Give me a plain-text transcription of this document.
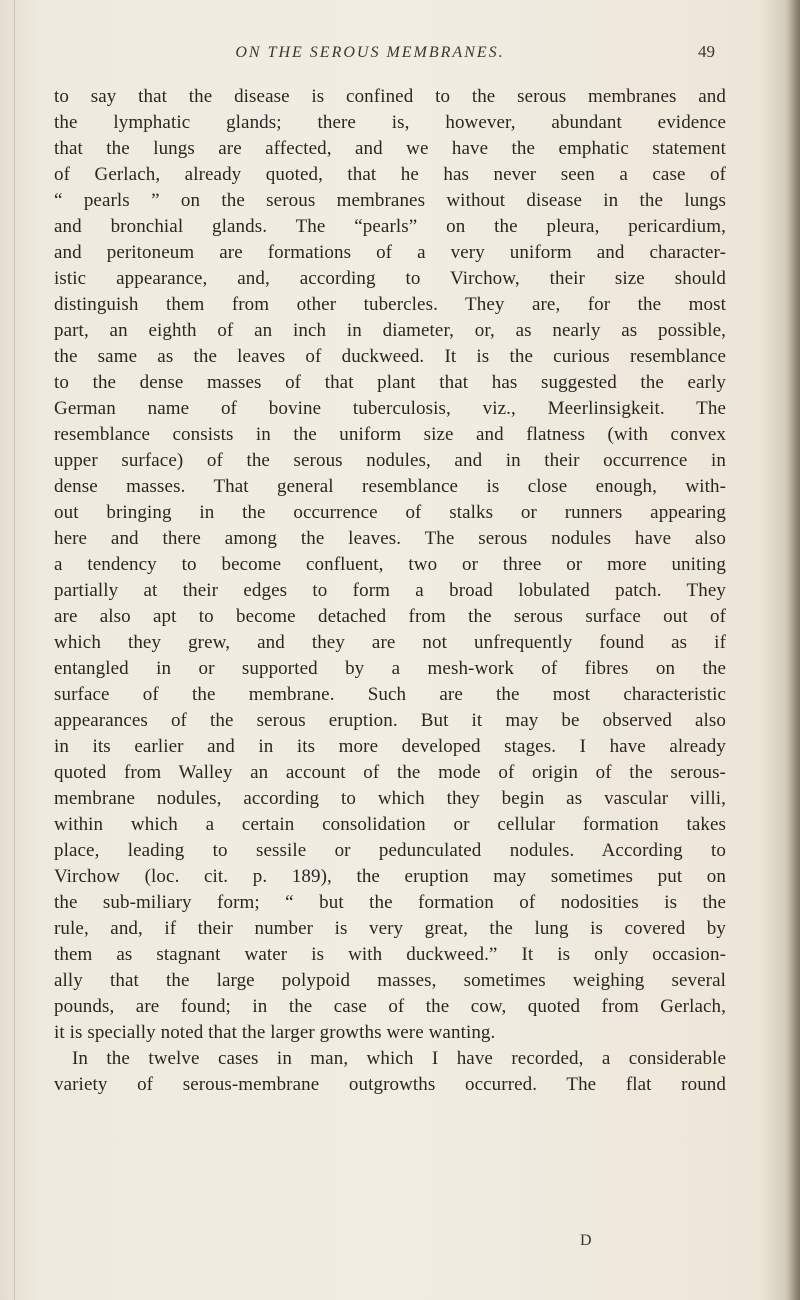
ON THE SEROUS MEMBRANES.	49
to say that the disease is confined to the serous membranes and
the lymphatic glands; there is, however, abundant evidence
that the lungs are affected, and we have the emphatic statement
of Gerlach, already quoted, that he has never seen a case of
“ pearls ” on the serous membranes without disease in the lungs
and bronchial glands. The “pearls” on the pleura, pericardium,
and peritoneum are formations of a very uniform and character-
istic appearance, and, according to Virchow, their size should
distinguish them from other tubercles. They are, for the most
part, an eighth of an inch in diameter, or, as nearly as possible,
the same as the leaves of duckweed. It is the curious resemblance
to the dense masses of that plant that has suggested the early
German name of bovine tuberculosis, viz., Meerlinsigkeit. The
resemblance consists in the uniform size and flatness (with convex
upper surface) of the serous nodules, and in their occurrence in
dense masses. That general resemblance is close enough, with-
out bringing in the occurrence of stalks or runners appearing
here and there among the leaves. The serous nodules have also
a tendency to become confluent, two or three or more uniting
partially at their edges to form a broad lobulated patch. They
are also apt to become detached from the serous surface out of
which they grew, and they are not unfrequently found as if
entangled in or supported by a mesh-work of fibres on the
surface of the membrane. Such are the most characteristic
appearances of the serous eruption. But it may be observed also
in its earlier and in its more developed stages. I have already
quoted from Walley an account of the mode of origin of the serous-
membrane nodules, according to which they begin as vascular villi,
within which a certain consolidation or cellular formation takes
place, leading to sessile or pedunculated nodules. According to
Virchow (loc. cit. p. 189), the eruption may sometimes put on
the sub-miliary form; “ but the formation of nodosities is the
rule, and, if their number is very great, the lung is covered by
them as stagnant water is with duckweed.” It is only occasion-
ally that the large polypoid masses, sometimes weighing several
pounds, are found; in the case of the cow, quoted from Gerlach,
it is specially noted that the larger growths were wanting.
In the twelve cases in man, which I have recorded, a considerable
variety of serous-membrane outgrowths occurred. The flat round
D
